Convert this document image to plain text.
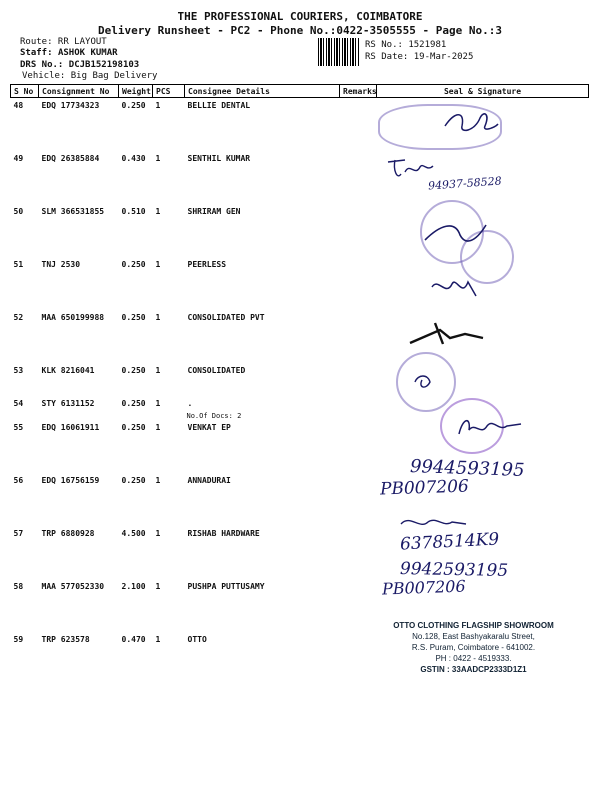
THE PROFESSIONAL COURIERS, COIMBATORE
Delivery Runsheet - PC2 - Phone No.:0422-3505555 - Page No.:3
Route: RR LAYOUT
Staff: ASHOK KUMAR
DRS No.: DCJB152198103
Vehicle: Big Bag Delivery
RS No.: 1521981
RS Date: 19-Mar-2025
S No	Consignment No	Weight	PCS	Consignee Details	Remarks	Seal & Signature
48	EDQ 17734323	0.250	1	BELLIE DENTAL		
49	EDQ 26385884	0.430	1	SENTHIL KUMAR		
50	SLM 366531855	0.510	1	SHRIRAM GEN		
51	TNJ 2530	0.250	1	PEERLESS		
52	MAA 650199988	0.250	1	CONSOLIDATED PVT		
53	KLK 8216041	0.250	1	CONSOLIDATED		
54	STY 6131152	0.250	1	.
No.Of Docs: 2		

55	EDQ 16061911	0.250	1	VENKAT EP		
56	EDQ 16756159	0.250	1	ANNADURAI		
57	TRP 6880928	4.500	1	RISHAB HARDWARE		
58	MAA 577052330	2.100	1	PUSHPA PUTTUSAMY		
59	TRP 623578	0.470	1	OTTO		
94937-58528
9944593195
PB007206
6378514K9
9942593195
PB007206
OTTO CLOTHING FLAGSHIP SHOWROOM
No.128, East Bashyakaralu Street,
R.S. Puram, Coimbatore - 641002.
PH : 0422 - 4519333.
GSTIN : 33AADCP2333D1Z1
